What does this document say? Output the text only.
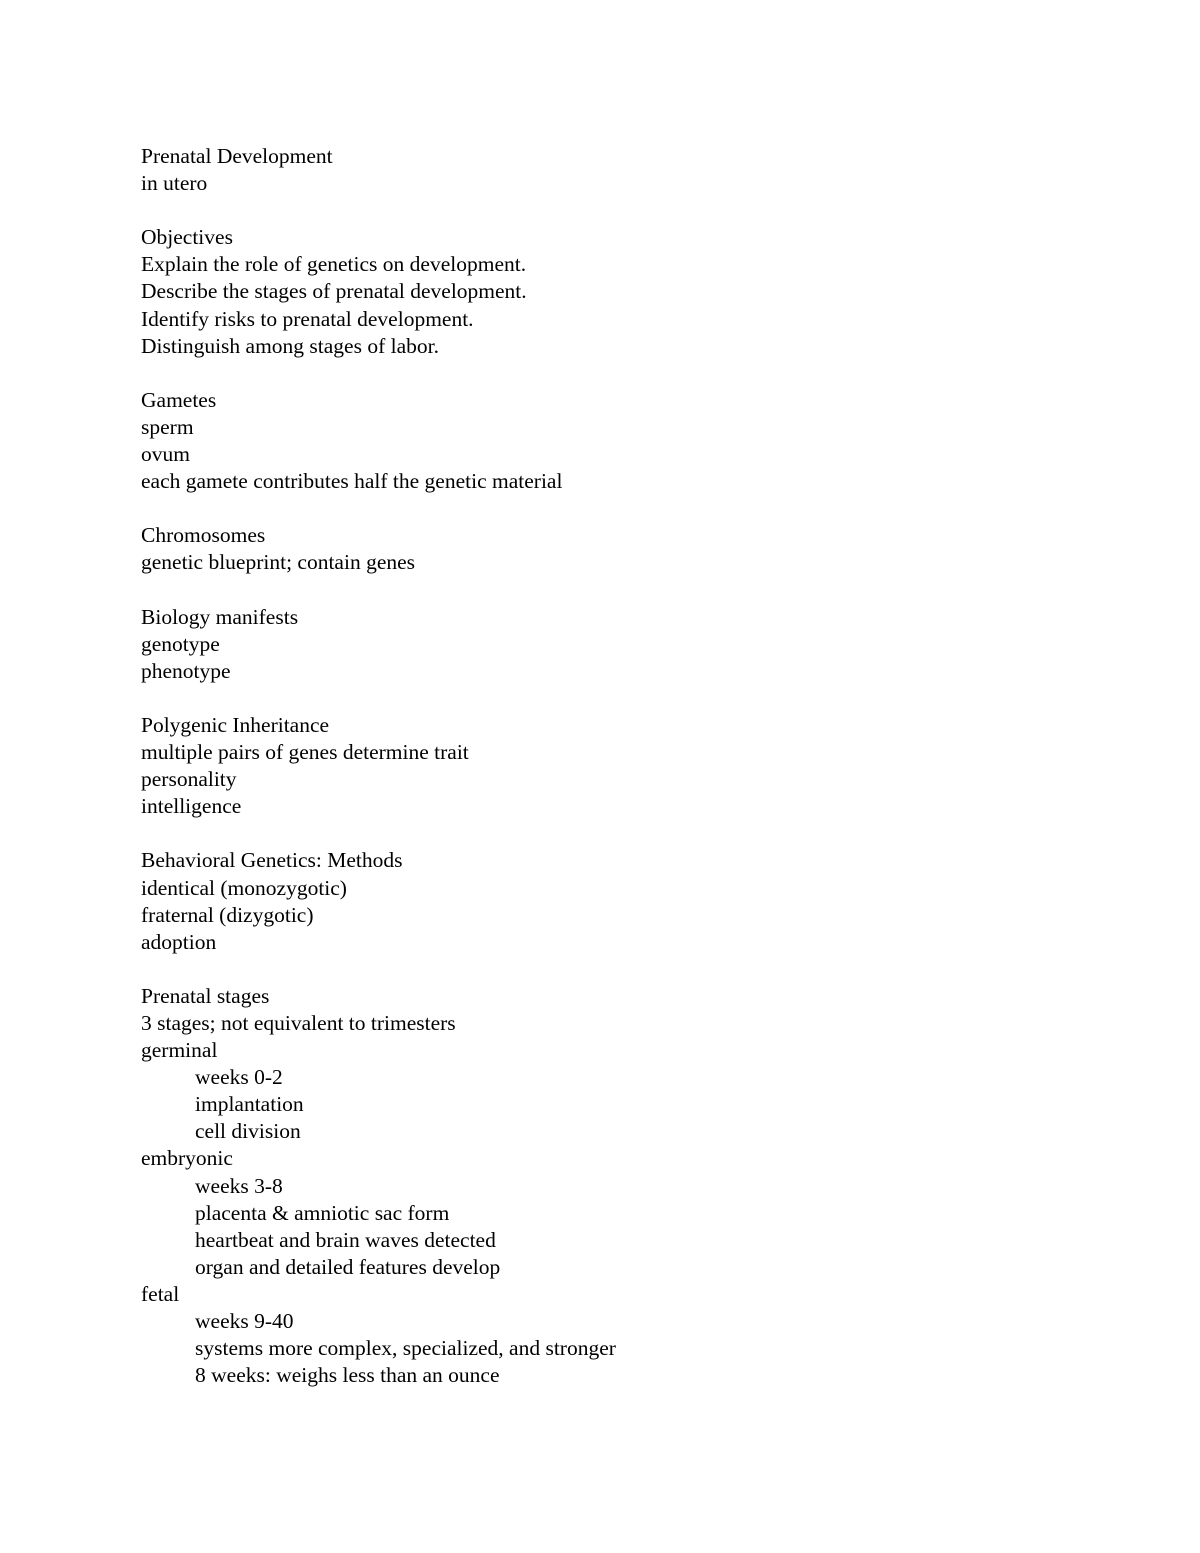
Prenatal Development
in utero
Objectives
Explain the role of genetics on development.
Describe the stages of prenatal development.
Identify risks to prenatal development.
Distinguish among stages of labor.
Gametes
sperm
ovum
each gamete contributes half the genetic material
Chromosomes
genetic blueprint; contain genes
Biology manifests
genotype
phenotype
Polygenic Inheritance
multiple pairs of genes determine trait
personality
intelligence
Behavioral Genetics: Methods
identical (monozygotic)
fraternal (dizygotic)
adoption
Prenatal stages
3 stages; not equivalent to trimesters
germinal
weeks 0-2
implantation
cell division
embryonic
weeks 3-8
placenta & amniotic sac form
heartbeat and brain waves detected
organ and detailed features develop
fetal
weeks 9-40
systems more complex, specialized, and stronger
8 weeks: weighs less than an ounce
